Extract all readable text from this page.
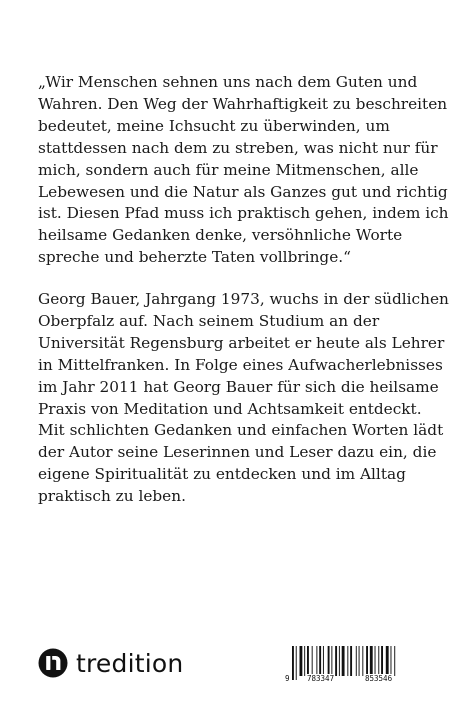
„Wir Menschen sehnen uns nach dem Guten und
Wahren. Den Weg der Wahrhaftigkeit zu beschreiten
bedeutet, meine Ichsucht zu überwinden, um
stattdessen nach dem zu streben, was nicht nur für
mich, sondern auch für meine Mitmenschen, alle
Lebewesen und die Natur als Ganzes gut und richtig
ist. Diesen Pfad muss ich praktisch gehen, indem ich
heilsame Gedanken denke, versöhnliche Worte
spreche und beherzte Taten vollbringe.“

Georg Bauer, Jahrgang 1973, wuchs in der südlichen
Oberpfalz auf. Nach seinem Studium an der
Universität Regensburg arbeitet er heute als Lehrer
in Mittelfranken. In Folge eines Aufwacherlebnisses
im Jahr 2011 hat Georg Bauer für sich die heilsame
Praxis von Meditation und Achtsamkeit entdeckt.
Mit schlichten Gedanken und einfachen Worten lädt
der Autor seine Leserinnen und Leser dazu ein, die
eigene Spiritualität zu entdecken und im Alltag
praktisch zu leben.

tredition
9 783347	853546
